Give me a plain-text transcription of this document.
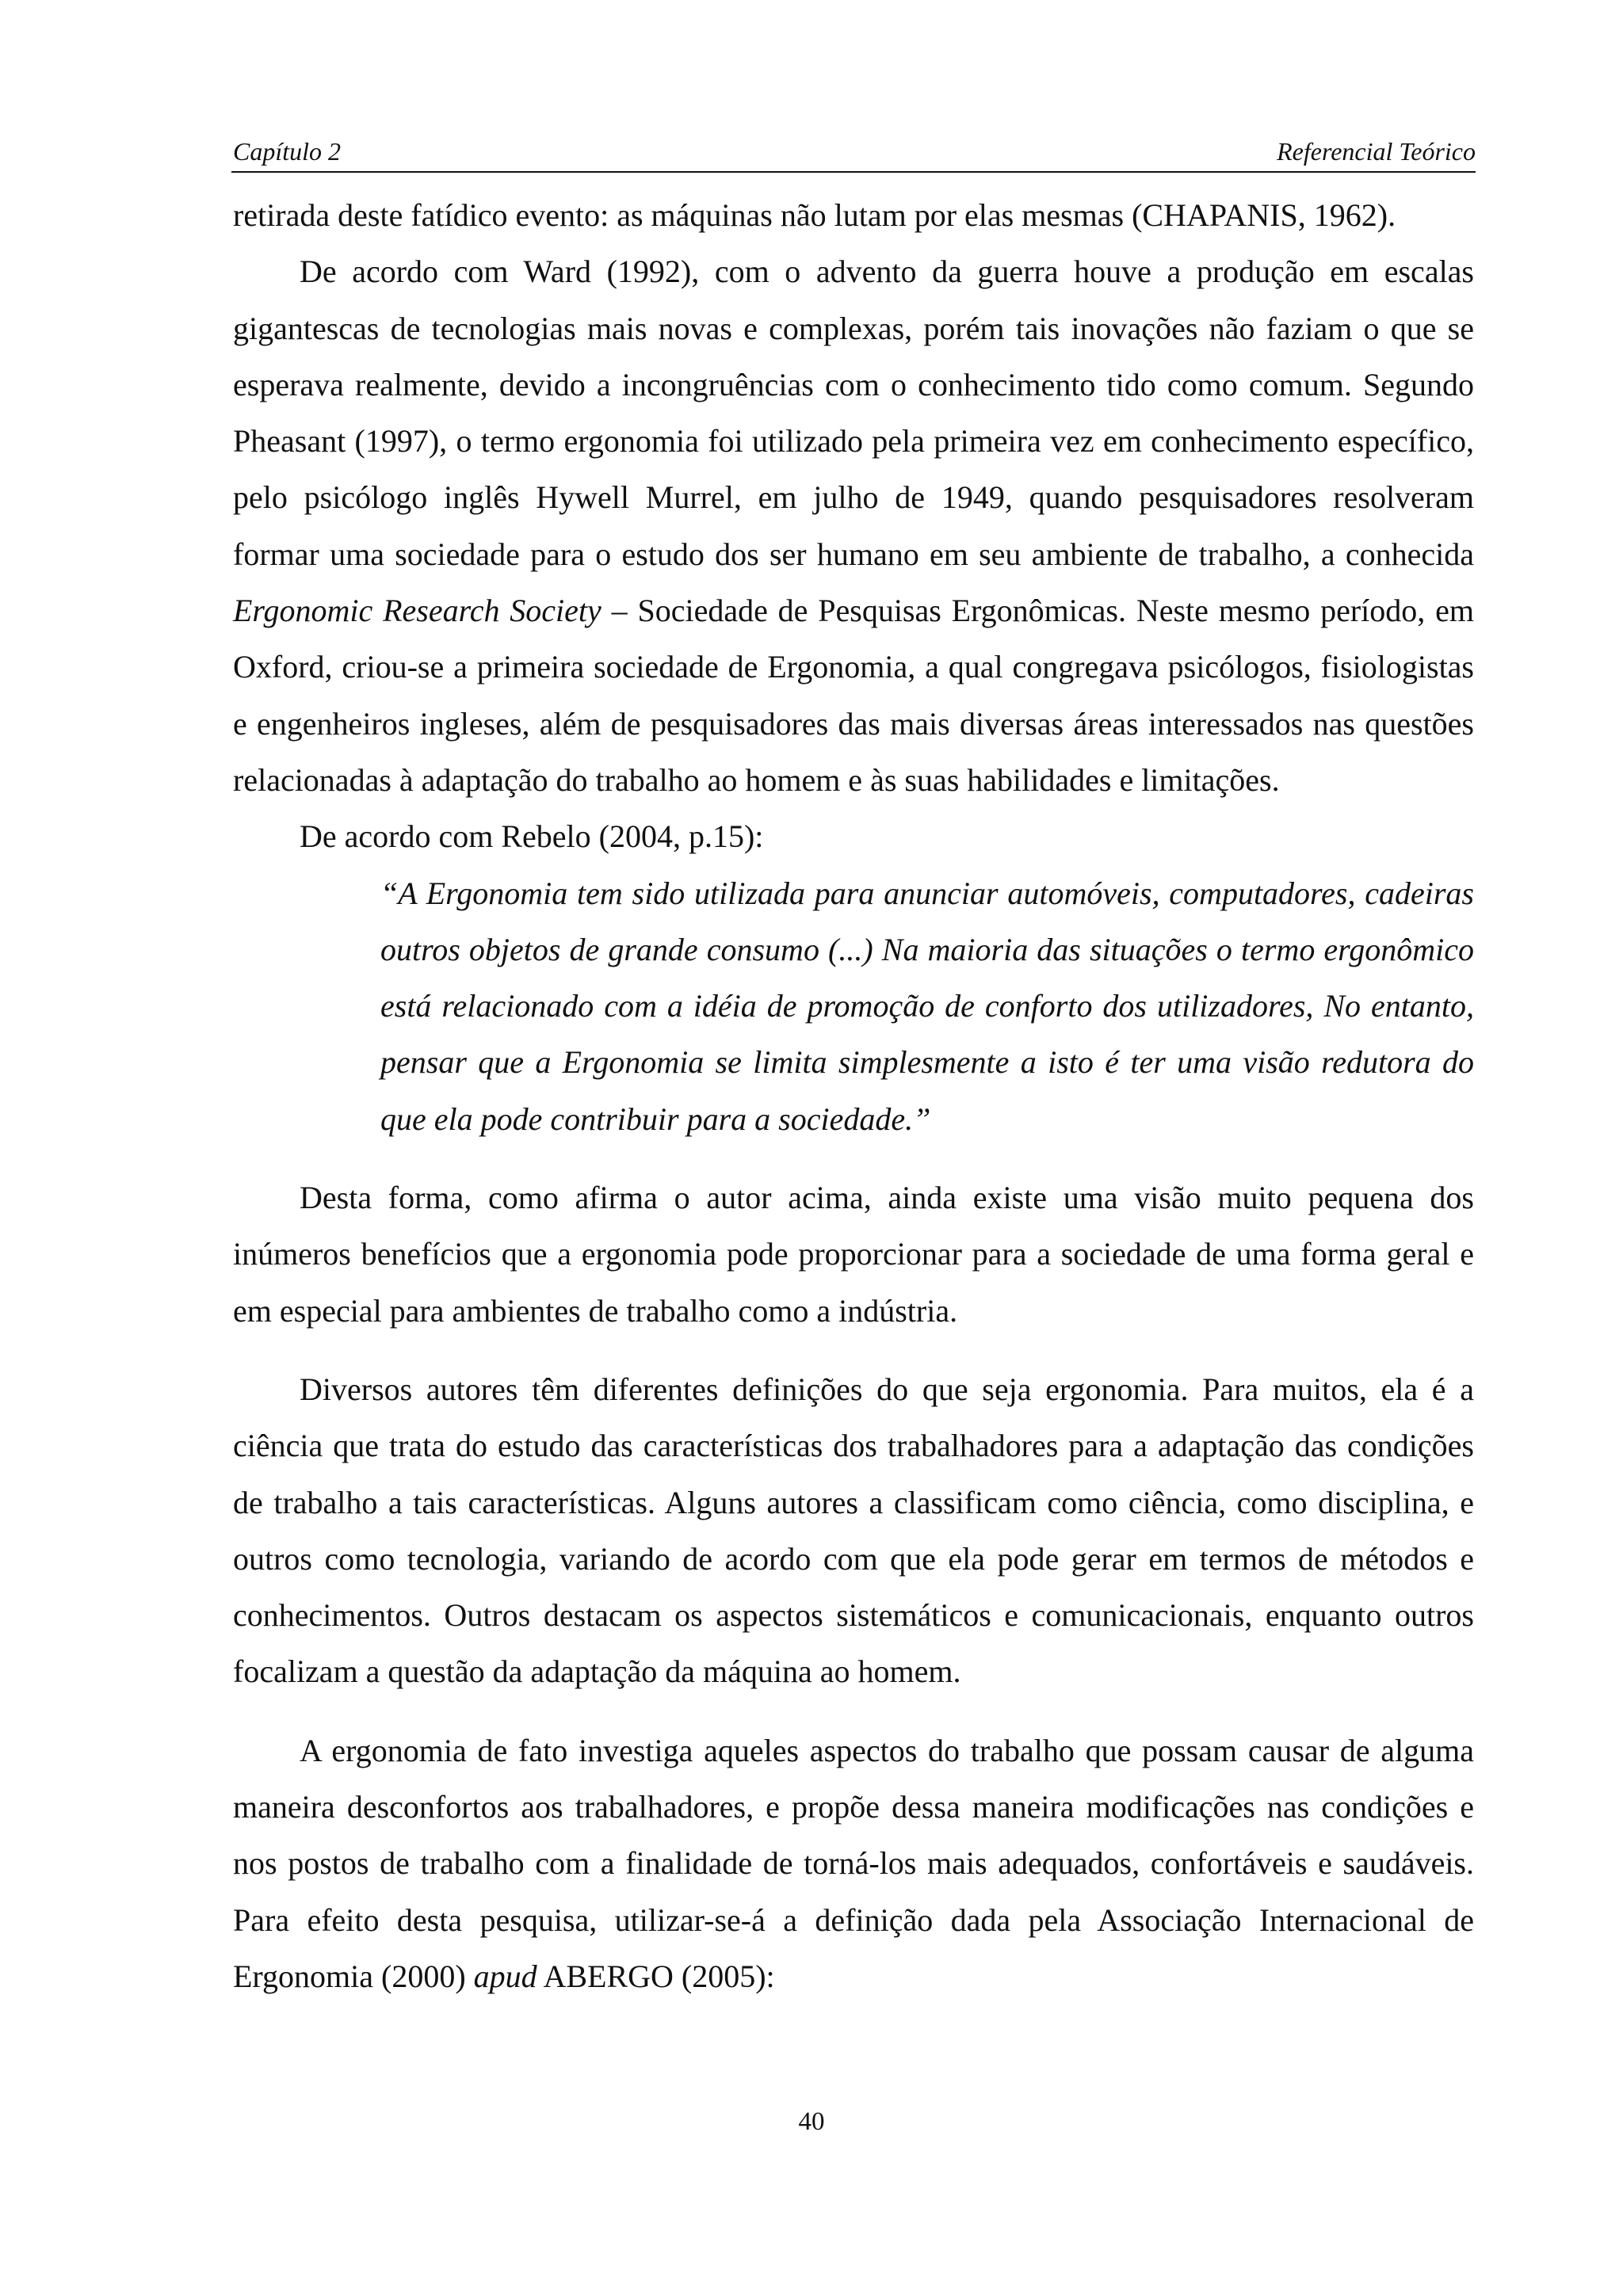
Capítulo 2	Referencial Teórico

retirada deste fatídico evento: as máquinas não lutam por elas mesmas (CHAPANIS, 1962).

De acordo com Ward (1992), com o advento da guerra houve a produção em escalas gigantescas de tecnologias mais novas e complexas, porém tais inovações não faziam o que se esperava realmente, devido a incongruências com o conhecimento tido como comum. Segundo Pheasant (1997), o termo ergonomia foi utilizado pela primeira vez em conhecimento específico, pelo psicólogo inglês Hywell Murrel, em julho de 1949, quando pesquisadores resolveram formar uma sociedade para o estudo dos ser humano em seu ambiente de trabalho, a conhecida Ergonomic Research Society – Sociedade de Pesquisas Ergonômicas. Neste mesmo período, em Oxford, criou-se a primeira sociedade de Ergonomia, a qual congregava psicólogos, fisiologistas e engenheiros ingleses, além de pesquisadores das mais diversas áreas interessados nas questões relacionadas à adaptação do trabalho ao homem e às suas habilidades e limitações.

De acordo com Rebelo (2004, p.15):

“A Ergonomia tem sido utilizada para anunciar automóveis, computadores, cadeiras outros objetos de grande consumo (...) Na maioria das situações o termo ergonômico está relacionado com a idéia de promoção de conforto dos utilizadores, No entanto, pensar que a Ergonomia se limita simplesmente a isto é ter uma visão redutora do que ela pode contribuir para a sociedade.”

Desta forma, como afirma o autor acima, ainda existe uma visão muito pequena dos inúmeros benefícios que a ergonomia pode proporcionar para a sociedade de uma forma geral e em especial para ambientes de trabalho como a indústria.

Diversos autores têm diferentes definições do que seja ergonomia. Para muitos, ela é a ciência que trata do estudo das características dos trabalhadores para a adaptação das condições de trabalho a tais características. Alguns autores a classificam como ciência, como disciplina, e outros como tecnologia, variando de acordo com que ela pode gerar em termos de métodos e conhecimentos. Outros destacam os aspectos sistemáticos e comunicacionais, enquanto outros focalizam a questão da adaptação da máquina ao homem.

A ergonomia de fato investiga aqueles aspectos do trabalho que possam causar de alguma maneira desconfortos aos trabalhadores, e propõe dessa maneira modificações nas condições e nos postos de trabalho com a finalidade de torná-los mais adequados, confortáveis e saudáveis. Para efeito desta pesquisa, utilizar-se-á a definição dada pela Associação Internacional de Ergonomia (2000) apud ABERGO (2005):

40
